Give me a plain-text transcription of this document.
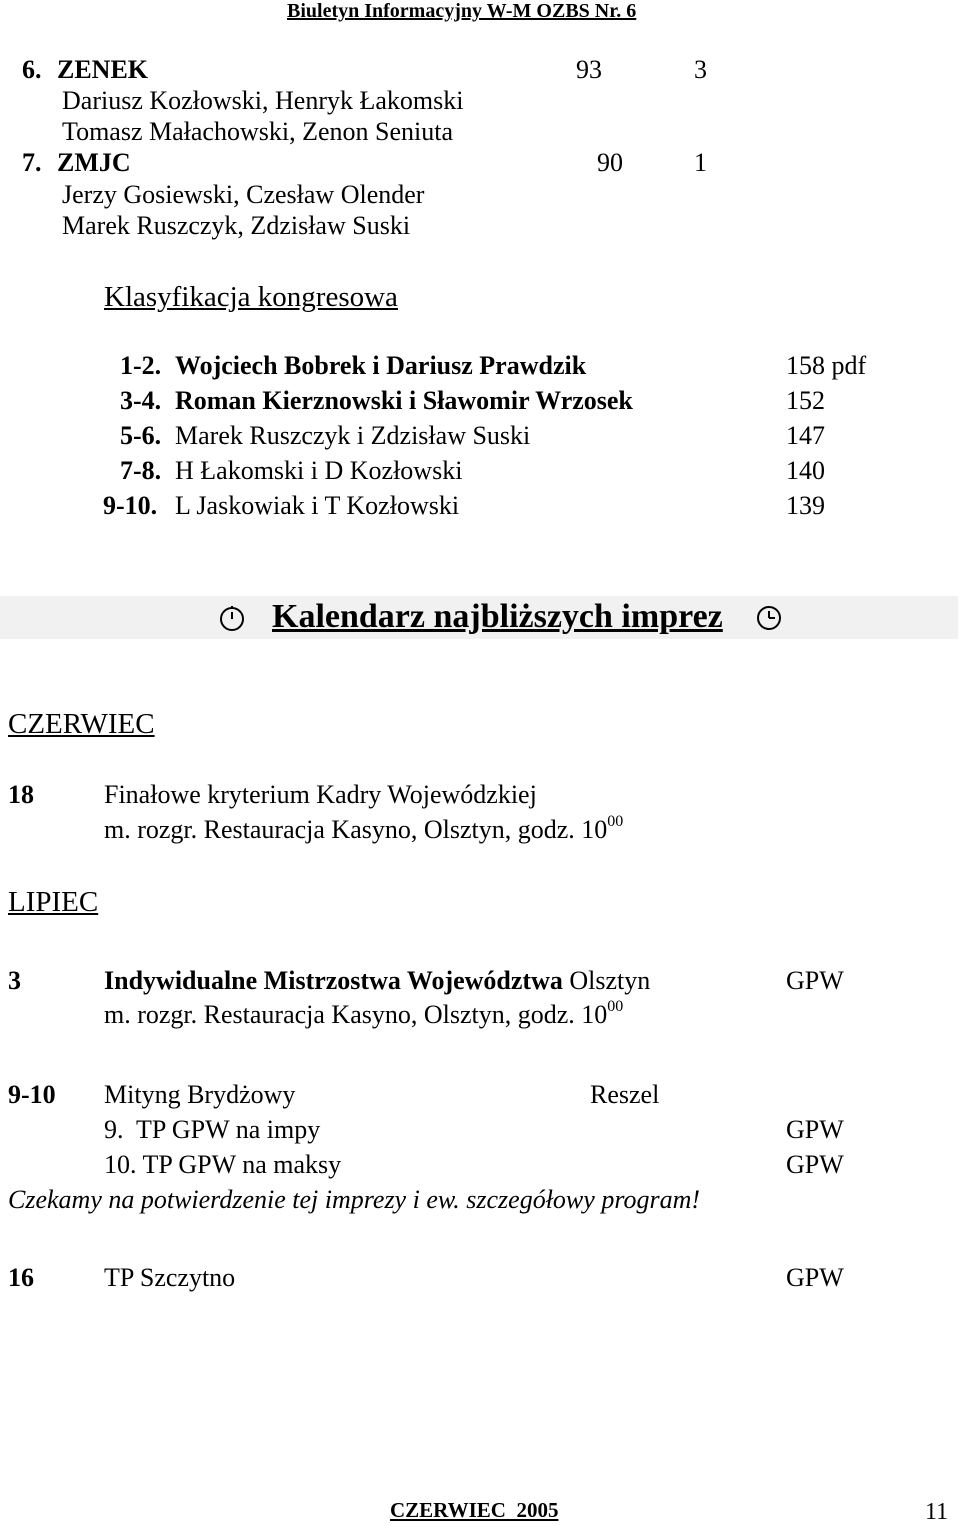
Biuletyn Informacyjny W-M OZBS Nr. 6
6. ZENEK	93	3
Dariusz Kozłowski, Henryk Łakomski
Tomasz Małachowski, Zenon Seniuta
7. ZMJC	90	1
Jerzy Gosiewski, Czesław Olender
Marek Ruszczyk, Zdzisław Suski
Klasyfikacja kongresowa
1-2. Wojciech Bobrek i Dariusz Prawdzik	158 pdf
3-4. Roman Kierznowski i Sławomir Wrzosek	152
5-6. Marek Ruszczyk i Zdzisław Suski	147
7-8. H Łakomski i D Kozłowski	140
9-10. L Jaskowiak i T Kozłowski	139
Kalendarz najbliższych imprez
CZERWIEC
18	Finałowe kryterium Kadry Wojewódzkiej
m. rozgr. Restauracja Kasyno, Olsztyn, godz. $10^{00}$
LIPIEC
3	Indywidualne Mistrzostwa Województwa Olsztyn	GPW
m. rozgr. Restauracja Kasyno, Olsztyn, godz. $10^{00}$
9-10 Mityng Brydżowy	Reszel
9.  TP GPW na impy	GPW
10. TP GPW na maksy	GPW
Czekamy na potwierdzenie tej imprezy i ew. szczegółowy program!
16	TP Szczytno	GPW
CZERWIEC  2005	11
